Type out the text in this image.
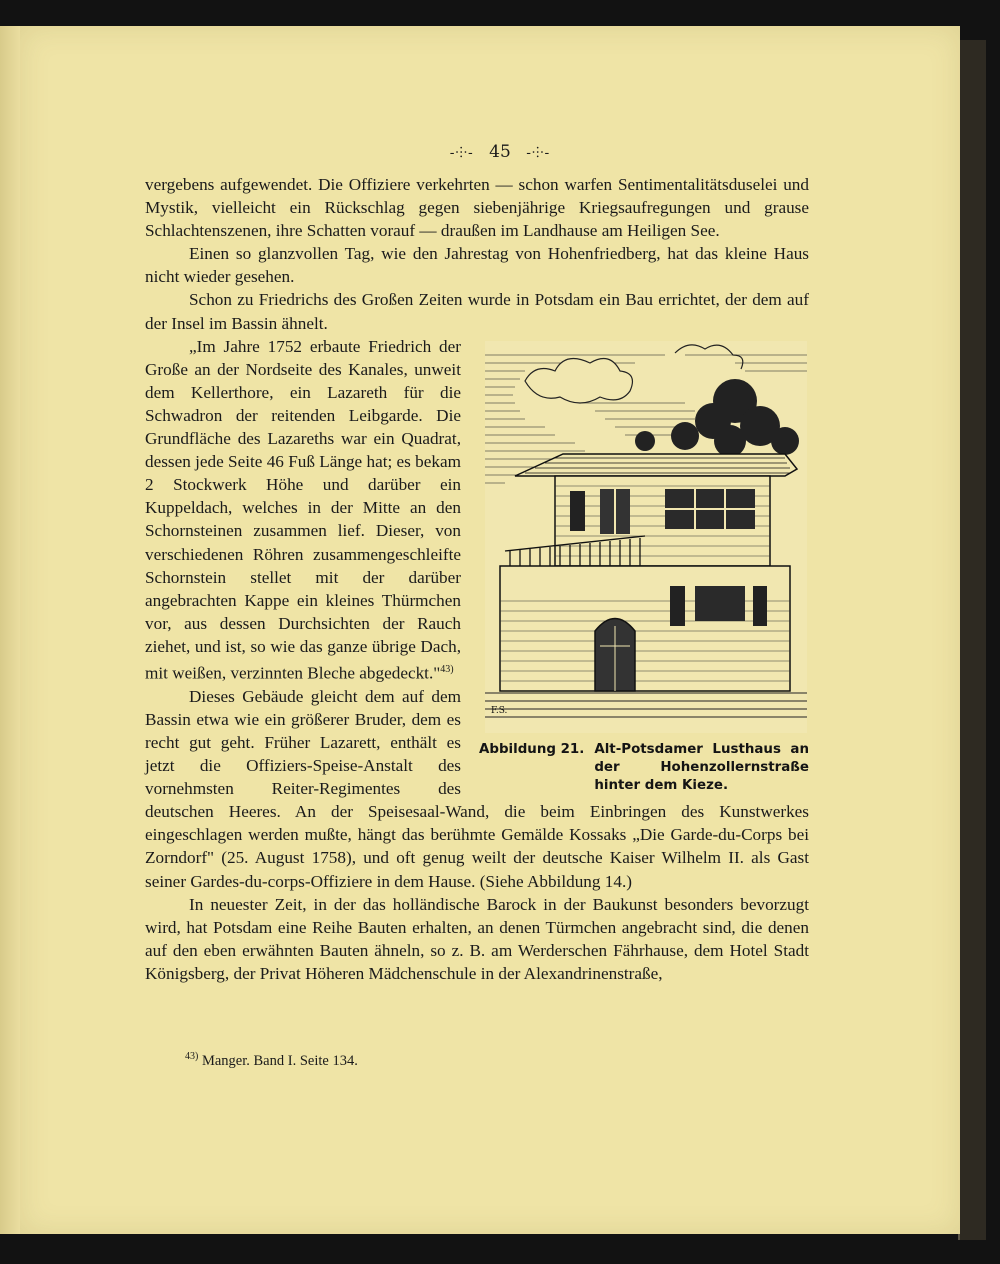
-⸭- 45 -⸭-

vergebens aufgewendet. Die Offiziere verkehrten — schon warfen Sentimentalitätsduselei und Mystik, vielleicht ein Rückschlag gegen siebenjährige Kriegsaufregungen und grause Schlachtenszenen, ihre Schatten vorauf — draußen im Landhause am Heiligen See.

Einen so glanzvollen Tag, wie den Jahrestag von Hohenfriedberg, hat das kleine Haus nicht wieder gesehen.

Schon zu Friedrichs des Großen Zeiten wurde in Potsdam ein Bau errichtet, der dem auf der Insel im Bassin ähnelt.

F.S.
Abbildung 21. Alt-Potsdamer Lusthaus an der Hohenzollernstraße hinter dem Kieze.

„Im Jahre 1752 erbaute Friedrich der Große an der Nordseite des Kanales, unweit dem Kellerthore, ein Lazareth für die Schwadron der reitenden Leibgarde. Die Grundfläche des Lazareths war ein Quadrat, dessen jede Seite 46 Fuß Länge hat; es bekam 2 Stockwerk Höhe und darüber ein Kuppeldach, welches in der Mitte an den Schornsteinen zusammen lief. Dieser, von verschiedenen Röhren zusammengeschleifte Schornstein stellet mit der darüber angebrachten Kappe ein kleines Thürmchen vor, aus dessen Durchsichten der Rauch ziehet, und ist, so wie das ganze übrige Dach, mit weißen, verzinnten Bleche abgedeckt."$^{43)}$

Dieses Gebäude gleicht dem auf dem Bassin etwa wie ein größerer Bruder, dem es recht gut geht. Früher Lazarett, enthält es jetzt die Offiziers-Speise-Anstalt des vornehmsten Reiter-Regimentes des deutschen Heeres. An der Speisesaal-Wand, die beim Einbringen des Kunstwerkes eingeschlagen werden mußte, hängt das berühmte Gemälde Kossaks „Die Garde-du-Corps bei Zorndorf" (25. August 1758), und oft genug weilt der deutsche Kaiser Wilhelm II. als Gast seiner Gardes-du-corps-Offiziere in dem Hause. (Siehe Abbildung 14.)

In neuester Zeit, in der das holländische Barock in der Baukunst besonders bevorzugt wird, hat Potsdam eine Reihe Bauten erhalten, an denen Türmchen angebracht sind, die denen auf den eben erwähnten Bauten ähneln, so z. B. am Werderschen Fährhause, dem Hotel Stadt Königsberg, der Privat Höheren Mädchenschule in der Alexandrinenstraße,

$^{43)}$ Manger. Band I. Seite 134.
